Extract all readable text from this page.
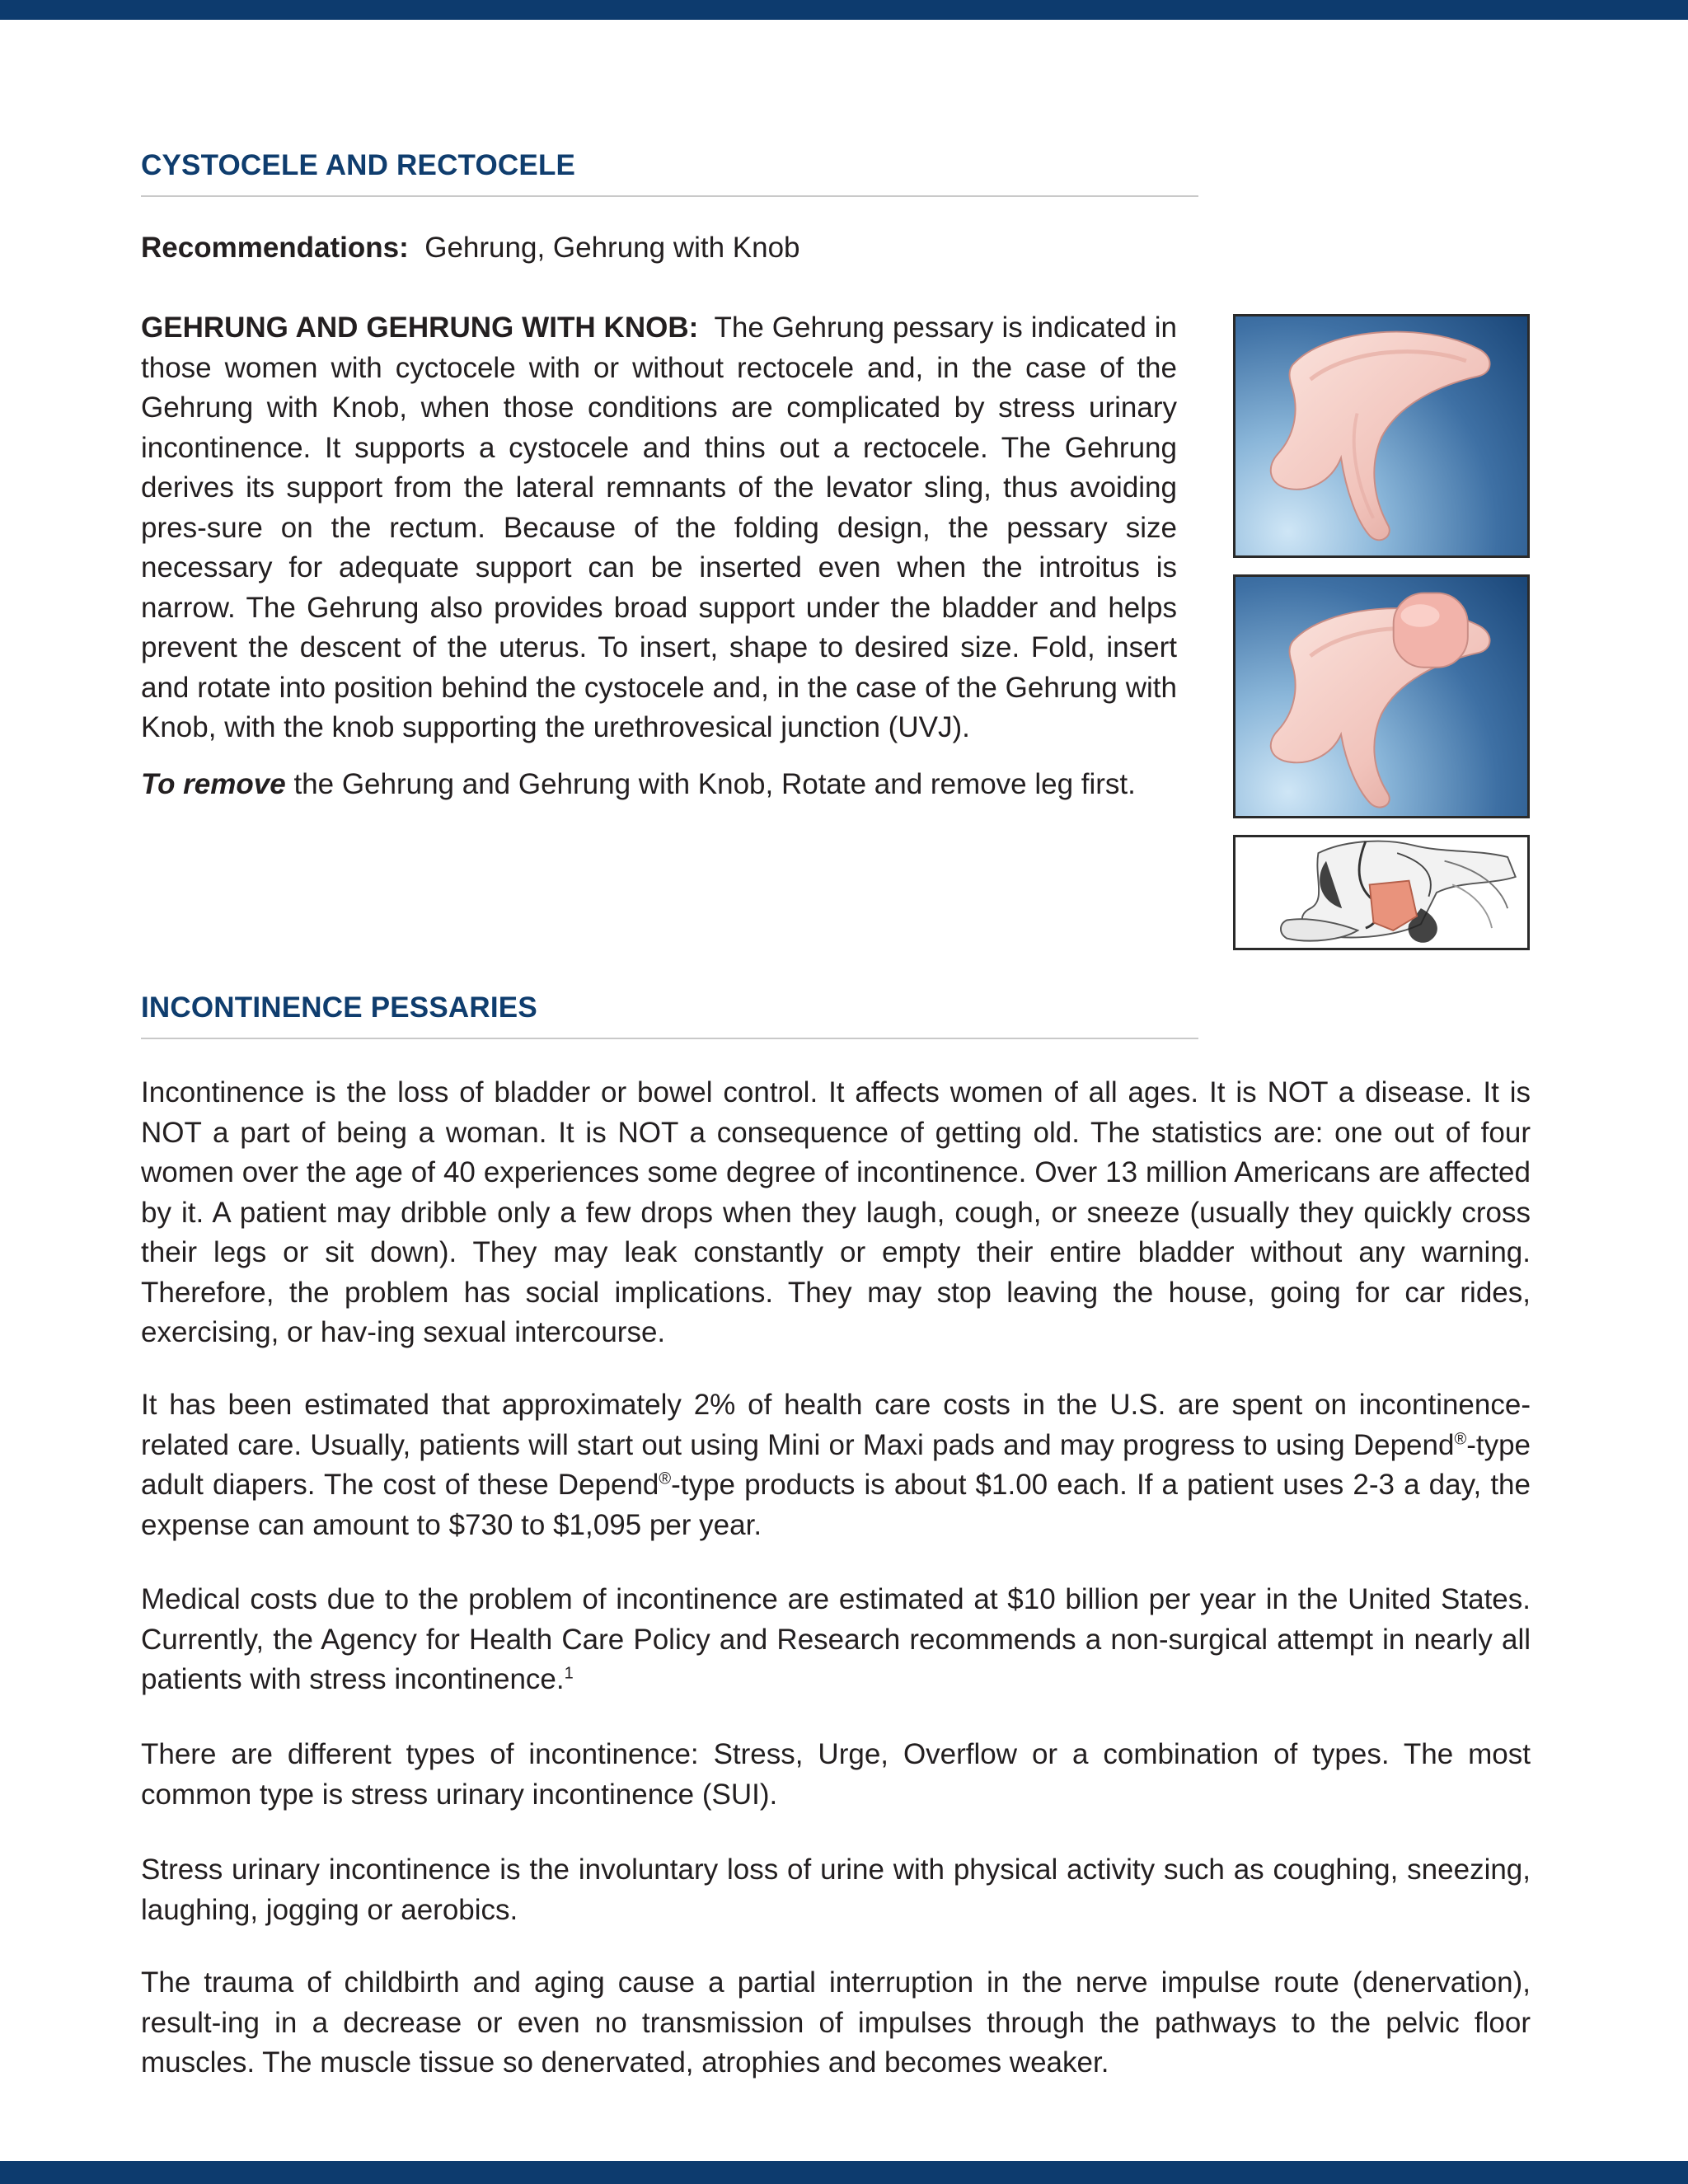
CYSTOCELE AND RECTOCELE

Recommendations: Gehrung, Gehrung with Knob

GEHRUNG AND GEHRUNG WITH KNOB: The Gehrung pessary is indicated in those women with cyctocele with or without rectocele and, in the case of the Gehrung with Knob, when those conditions are complicated by stress urinary incontinence. It supports a cystocele and thins out a rectocele. The Gehrung derives its support from the lateral remnants of the levator sling, thus avoiding pres-sure on the rectum. Because of the folding design, the pessary size necessary for adequate support can be inserted even when the introitus is narrow. The Gehrung also provides broad support under the bladder and helps prevent the descent of the uterus. To insert, shape to desired size. Fold, insert and rotate into position behind the cystocele and, in the case of the Gehrung with Knob, with the knob supporting the urethrovesical junction (UVJ).

To remove the Gehrung and Gehrung with Knob, Rotate and remove leg first.

INCONTINENCE PESSARIES

Incontinence is the loss of bladder or bowel control. It affects women of all ages. It is NOT a disease. It is NOT a part of being a woman. It is NOT a consequence of getting old. The statistics are: one out of four women over the age of 40 experiences some degree of incontinence. Over 13 million Americans are affected by it. A patient may dribble only a few drops when they laugh, cough, or sneeze (usually they quickly cross their legs or sit down). They may leak constantly or empty their entire bladder without any warning. Therefore, the problem has social implications. They may stop leaving the house, going for car rides, exercising, or hav-ing sexual intercourse.

It has been estimated that approximately 2% of health care costs in the U.S. are spent on incontinence-related care. Usually, patients will start out using Mini or Maxi pads and may progress to using Depend®-type adult diapers. The cost of these Depend®-type products is about $1.00 each. If a patient uses 2-3 a day, the expense can amount to $730 to $1,095 per year.

Medical costs due to the problem of incontinence are estimated at $10 billion per year in the United States. Currently, the Agency for Health Care Policy and Research recommends a non-surgical attempt in nearly all patients with stress incontinence.$^1$

There are different types of incontinence: Stress, Urge, Overflow or a combination of types. The most common type is stress urinary incontinence (SUI).

Stress urinary incontinence is the involuntary loss of urine with physical activity such as coughing, sneezing, laughing, jogging or aerobics.

The trauma of childbirth and aging cause a partial interruption in the nerve impulse route (denervation), result-ing in a decrease or even no transmission of impulses through the pathways to the pelvic floor muscles. The muscle tissue so denervated, atrophies and becomes weaker.
